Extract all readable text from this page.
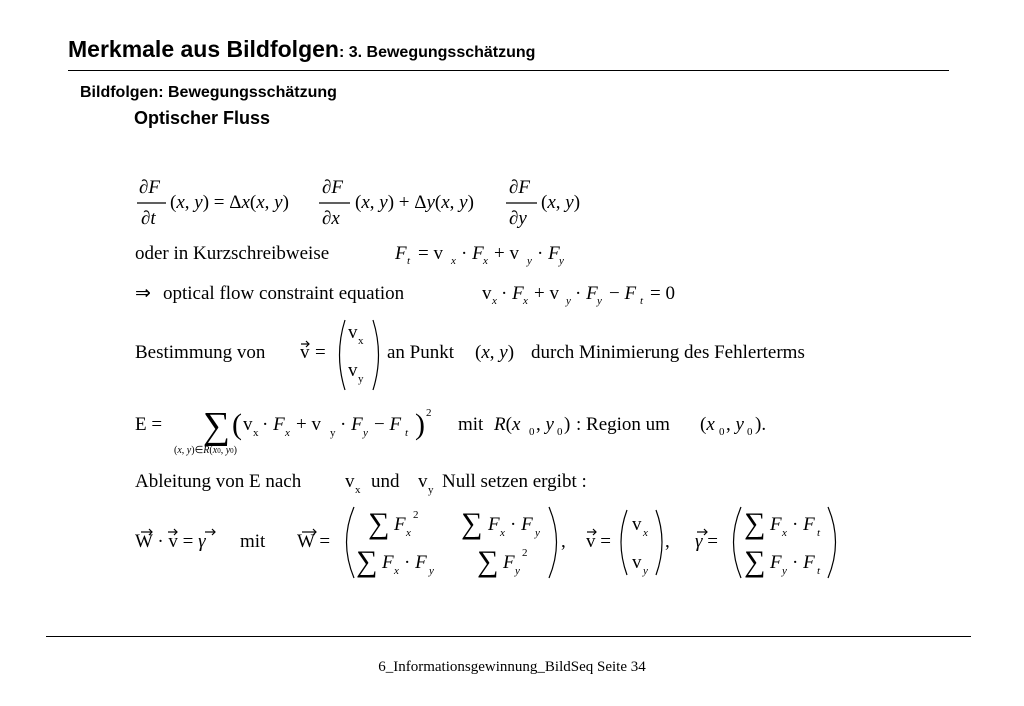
Merkmale aus Bildfolgen: 3. Bewegungsschätzung
Bildfolgen: Bewegungsschätzung
Optischer Fluss
∂F
∂t
(x, y) = Δx(x, y)
∂F
∂x
(x, y) + Δy(x, y)
∂F
∂y
(x, y)
oder in Kurzschreibweise	F t = v x · F x + v y · F y
⇒ optical flow constraint equation	v x · F x + v y · F y − F t = 0
Bestimmung von v =
v x
v y
an Punkt (x, y) durch Minimierung des Fehlerterms
E = ∑
(x, y)∈R(x0, y0)
( v x · F x + v y · F y − F t ) 2
mit R(x 0 , y 0 ) : Region um (x 0 , y 0 ).
Ableitung von E nach v x und v y Null setzen ergibt :
W · v = γ mit W =
∑ F x
2 ∑ F x · F y
∑ F x · F y ∑ F y
2
, v =
v x
v y
, γ =
∑ F x · F t
∑ F y · F t
6_Informationsgewinnung_BildSeq Seite 34
